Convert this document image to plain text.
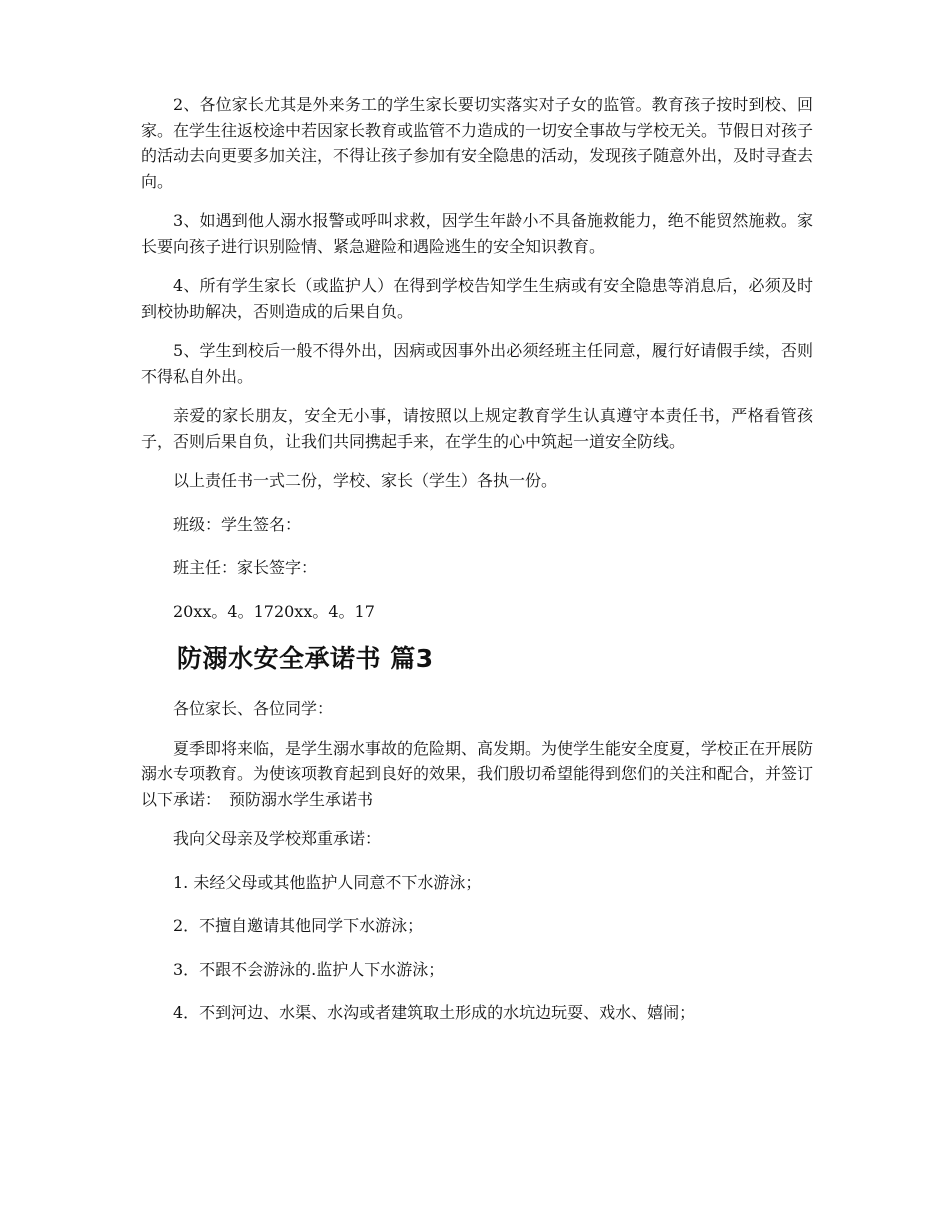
2、各位家长尤其是外来务工的学生家长要切实落实对子女的监管。教育孩子按时到校、回家。在学生往返校途中若因家长教育或监管不力造成的一切安全事故与学校无关。节假日对孩子的活动去向更要多加关注，不得让孩子参加有安全隐患的活动，发现孩子随意外出，及时寻查去向。

3、如遇到他人溺水报警或呼叫求救，因学生年龄小不具备施救能力，绝不能贸然施救。家长要向孩子进行识别险情、紧急避险和遇险逃生的安全知识教育。

4、所有学生家长（或监护人）在得到学校告知学生生病或有安全隐患等消息后，必须及时到校协助解决，否则造成的后果自负。

5、学生到校后一般不得外出，因病或因事外出必须经班主任同意，履行好请假手续，否则不得私自外出。

亲爱的家长朋友，安全无小事，请按照以上规定教育学生认真遵守本责任书，严格看管孩子，否则后果自负，让我们共同携起手来，在学生的心中筑起一道安全防线。

以上责任书一式二份，学校、家长（学生）各执一份。

班级：学生签名：

班主任：家长签字：

20xx。4。1720xx。4。17

防溺水安全承诺书 篇3

各位家长、各位同学：

夏季即将来临，是学生溺水事故的危险期、高发期。为使学生能安全度夏，学校正在开展防溺水专项教育。为使该项教育起到良好的效果，我们殷切希望能得到您们的关注和配合，并签订以下承诺：　预防溺水学生承诺书

我向父母亲及学校郑重承诺：

1. 未经父母或其他监护人同意不下水游泳；

2．不擅自邀请其他同学下水游泳；

3．不跟不会游泳的.监护人下水游泳；

4．不到河边、水渠、水沟或者建筑取土形成的水坑边玩耍、戏水、嬉闹；
